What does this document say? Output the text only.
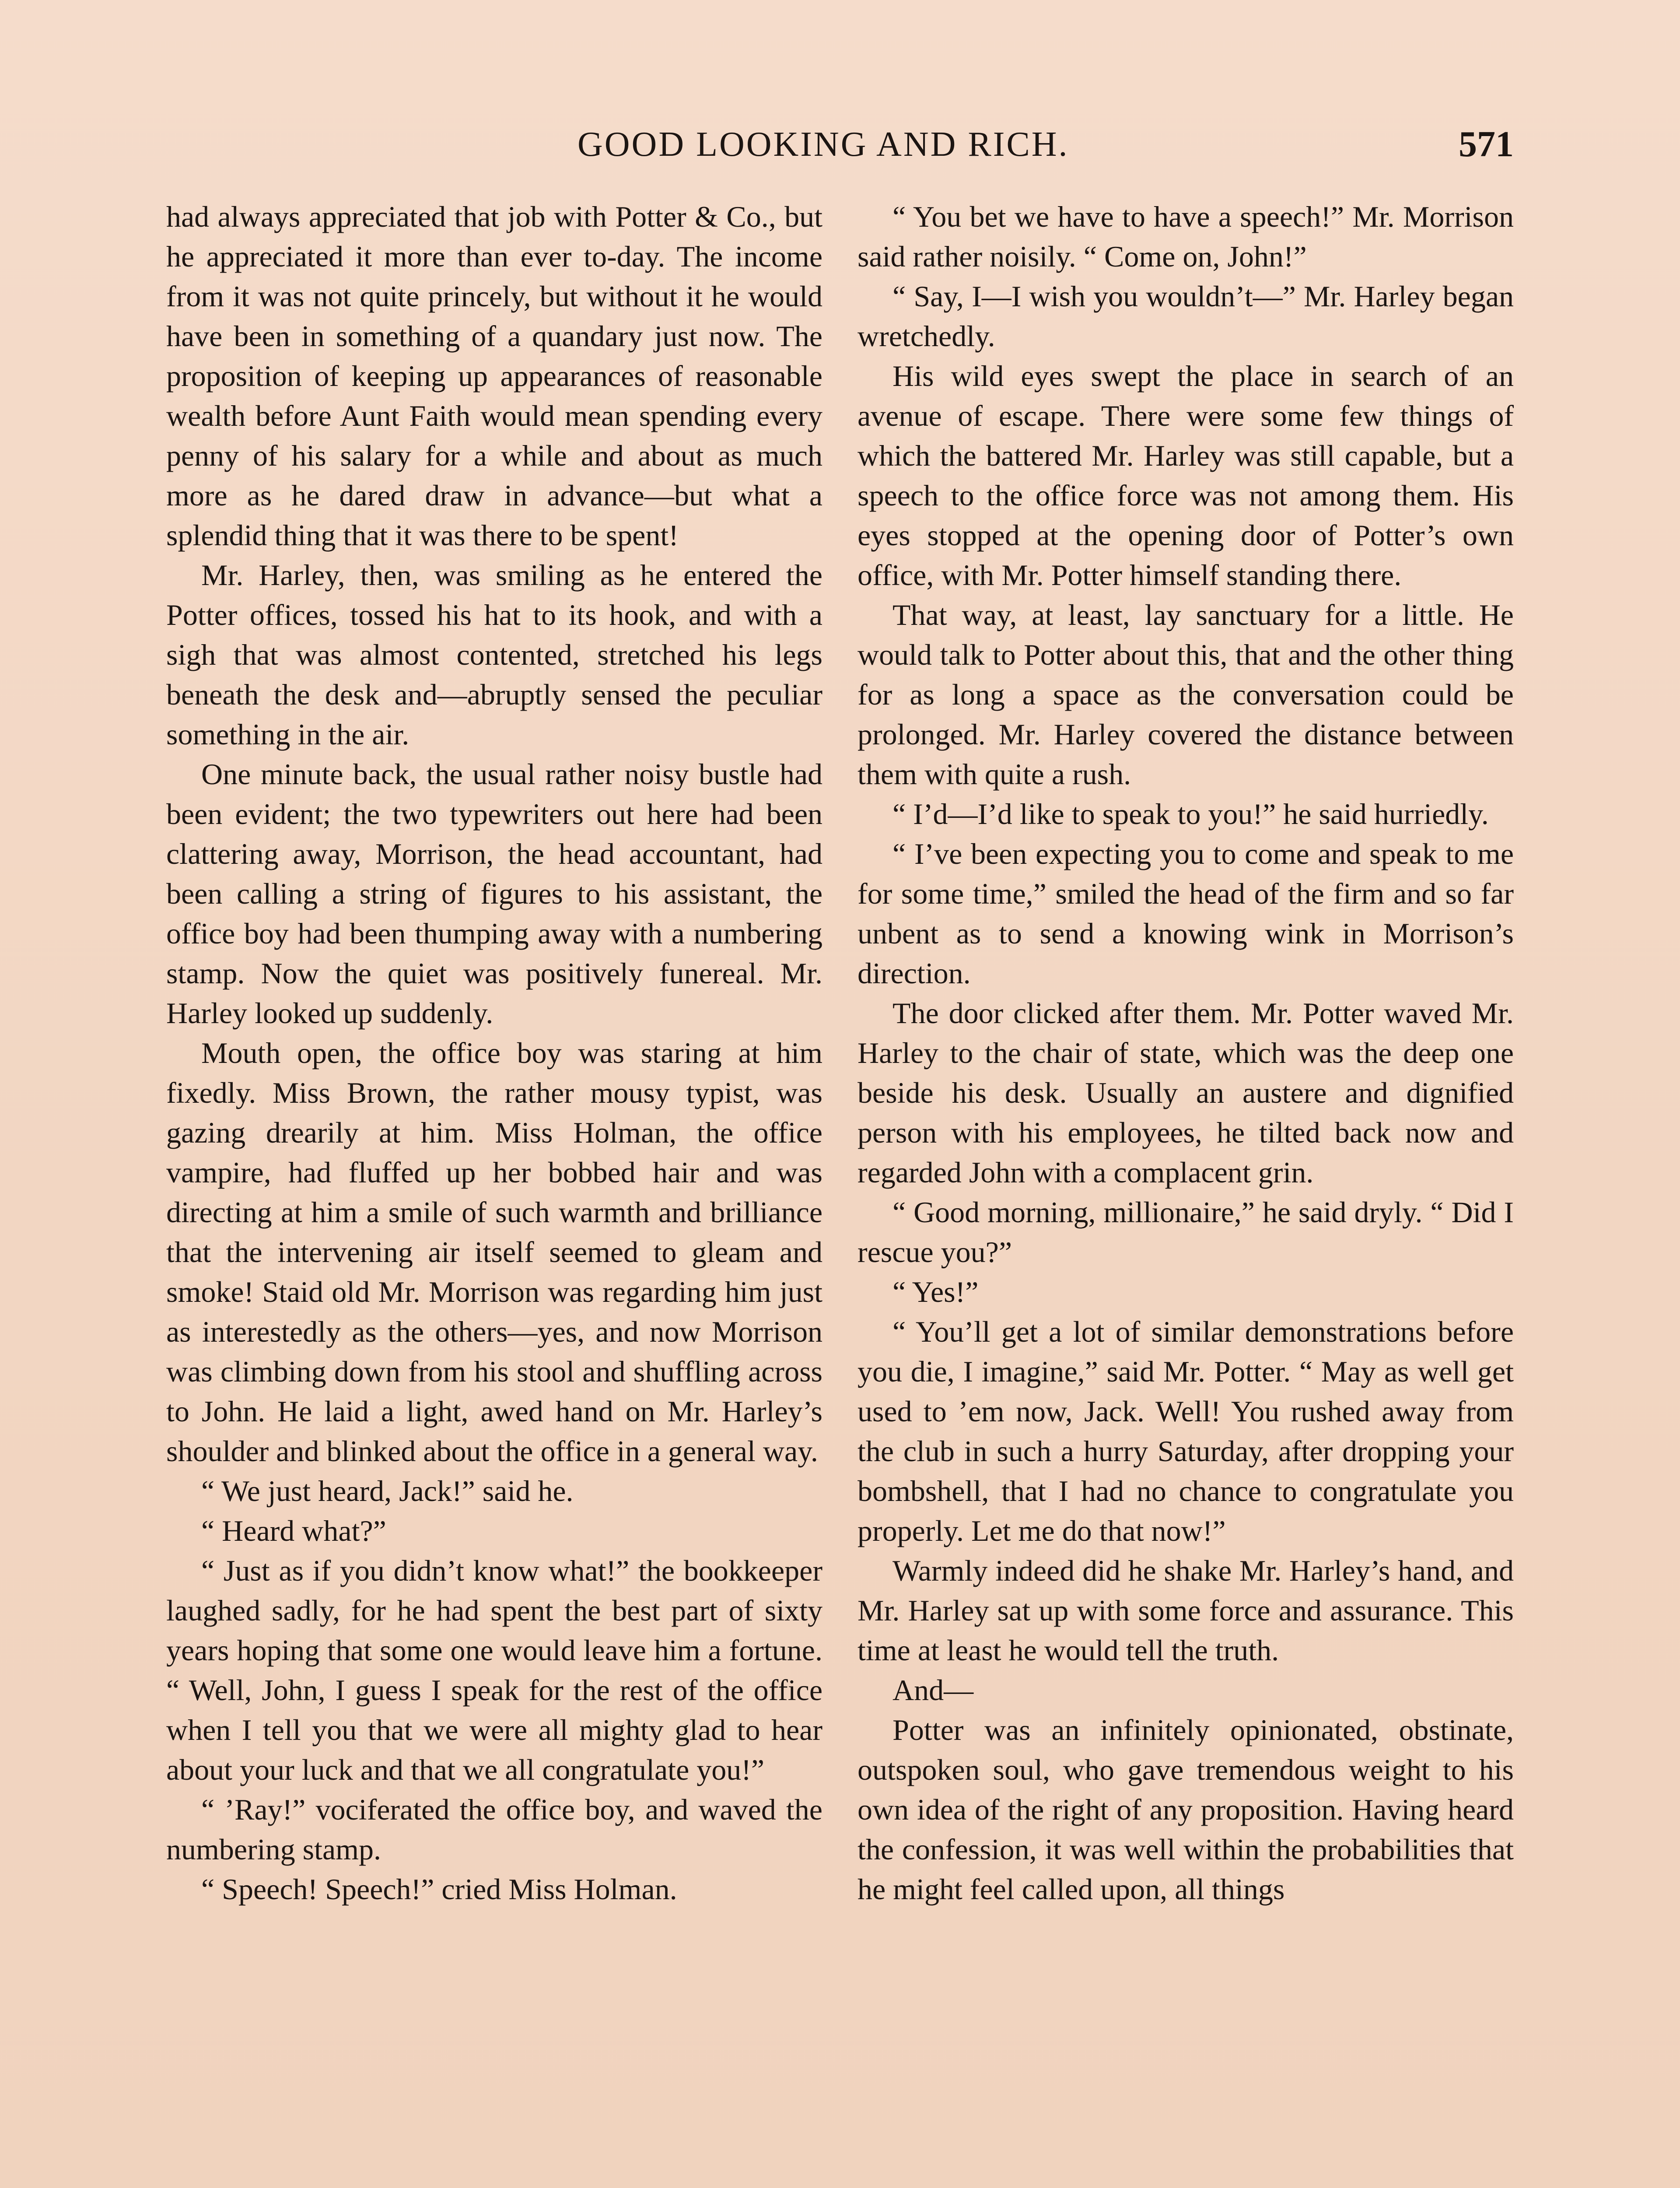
GOOD LOOKING AND RICH.	571

had always appreciated that job with Potter & Co., but he appreciated it more than ever to-day. The income from it was not quite princely, but without it he would have been in something of a quandary just now. The proposition of keeping up appearances of reasonable wealth before Aunt Faith would mean spending every penny of his salary for a while and about as much more as he dared draw in advance—but what a splendid thing that it was there to be spent!

Mr. Harley, then, was smiling as he entered the Potter offices, tossed his hat to its hook, and with a sigh that was almost contented, stretched his legs beneath the desk and—abruptly sensed the peculiar something in the air.

One minute back, the usual rather noisy bustle had been evident; the two typewriters out here had been clattering away, Morrison, the head accountant, had been calling a string of figures to his assistant, the office boy had been thumping away with a numbering stamp. Now the quiet was positively funereal. Mr. Harley looked up suddenly.

Mouth open, the office boy was staring at him fixedly. Miss Brown, the rather mousy typist, was gazing drearily at him. Miss Holman, the office vampire, had fluffed up her bobbed hair and was directing at him a smile of such warmth and brilliance that the intervening air itself seemed to gleam and smoke! Staid old Mr. Morrison was regarding him just as interestedly as the others—yes, and now Morrison was climbing down from his stool and shuffling across to John. He laid a light, awed hand on Mr. Harley’s shoulder and blinked about the office in a general way.

“ We just heard, Jack!” said he.

“ Heard what?”

“ Just as if you didn’t know what!” the bookkeeper laughed sadly, for he had spent the best part of sixty years hoping that some one would leave him a fortune. “ Well, John, I guess I speak for the rest of the office when I tell you that we were all mighty glad to hear about your luck and that we all congratulate you!”

“ ’Ray!” vociferated the office boy, and waved the numbering stamp.

“ Speech! Speech!” cried Miss Holman.

“ You bet we have to have a speech!” Mr. Morrison said rather noisily. “ Come on, John!”

“ Say, I—I wish you wouldn’t—” Mr. Harley began wretchedly.

His wild eyes swept the place in search of an avenue of escape. There were some few things of which the battered Mr. Harley was still capable, but a speech to the office force was not among them. His eyes stopped at the opening door of Potter’s own office, with Mr. Potter himself standing there.

That way, at least, lay sanctuary for a little. He would talk to Potter about this, that and the other thing for as long a space as the conversation could be prolonged. Mr. Harley covered the distance between them with quite a rush.

“ I’d—I’d like to speak to you!” he said hurriedly.

“ I’ve been expecting you to come and speak to me for some time,” smiled the head of the firm and so far unbent as to send a knowing wink in Morrison’s direction.

The door clicked after them. Mr. Potter waved Mr. Harley to the chair of state, which was the deep one beside his desk. Usually an austere and dignified person with his employees, he tilted back now and regarded John with a complacent grin.

“ Good morning, millionaire,” he said dryly. “ Did I rescue you?”

“ Yes!”

“ You’ll get a lot of similar demonstrations before you die, I imagine,” said Mr. Potter. “ May as well get used to ’em now, Jack. Well! You rushed away from the club in such a hurry Saturday, after dropping your bombshell, that I had no chance to congratulate you properly. Let me do that now!”

Warmly indeed did he shake Mr. Harley’s hand, and Mr. Harley sat up with some force and assurance. This time at least he would tell the truth.

And—

Potter was an infinitely opinionated, obstinate, outspoken soul, who gave tremendous weight to his own idea of the right of any proposition. Having heard the confession, it was well within the probabilities that he might feel called upon, all things
